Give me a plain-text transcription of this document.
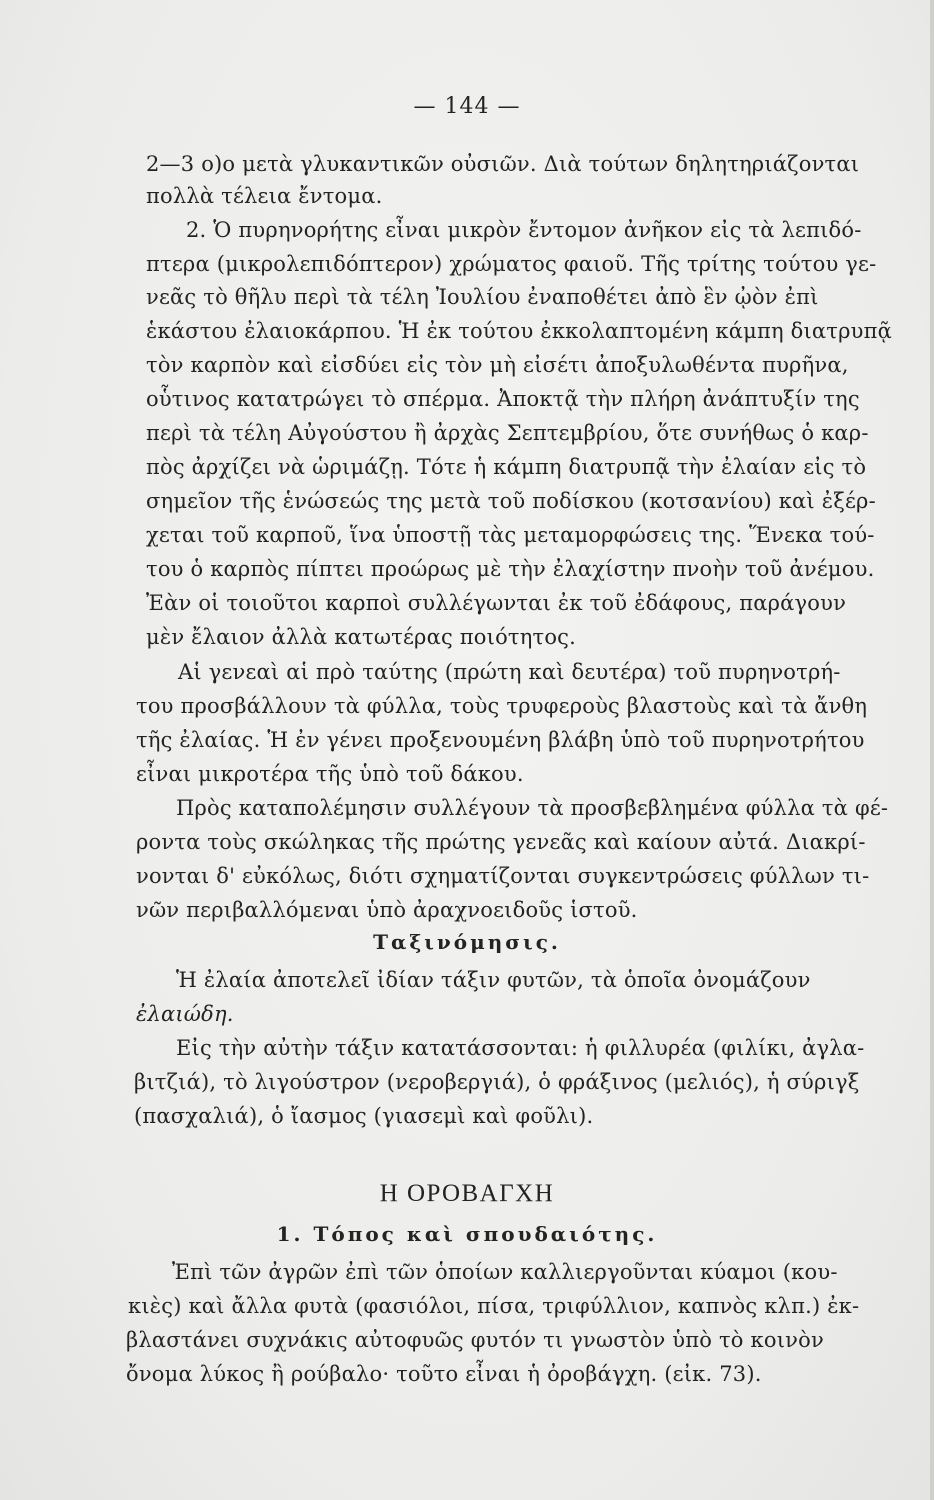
— 144 —
2—3 ο)ο μετὰ γλυκαντικῶν οὐσιῶν. Διὰ τούτων δηλητηριάζονται
πολλὰ τέλεια ἔντομα.
2. Ὁ πυρηνορήτης εἶναι μικρὸν ἔντομον ἀνῆκον εἰς τὰ λεπιδό-
πτερα (μικρολεπιδόπτερον) χρώματος φαιοῦ. Τῆς τρίτης τούτου γε-
νεᾶς τὸ θῆλυ περὶ τὰ τέλη Ἰουλίου ἐναποθέτει ἀπὸ ἓν ᾠὸν ἐπὶ
ἑκάστου ἐλαιοκάρπου. Ἡ ἐκ τούτου ἐκκολαπτομένη κάμπη διατρυπᾷ
τὸν καρπὸν καὶ εἰσδύει εἰς τὸν μὴ εἰσέτι ἀποξυλωθέντα πυρῆνα,
οὗτινος κατατρώγει τὸ σπέρμα. Ἀποκτᾷ τὴν πλήρη ἀνάπτυξίν της
περὶ τὰ τέλη Αὐγούστου ἢ ἀρχὰς Σεπτεμβρίου, ὅτε συνήθως ὁ καρ-
πὸς ἀρχίζει νὰ ὡριμάζῃ. Τότε ἡ κάμπη διατρυπᾷ τὴν ἐλαίαν εἰς τὸ
σημεῖον τῆς ἑνώσεώς της μετὰ τοῦ ποδίσκου (κοτσανίου) καὶ ἐξέρ-
χεται τοῦ καρποῦ, ἵνα ὑποστῇ τὰς μεταμορφώσεις της. Ἕνεκα τού-
του ὁ καρπὸς πίπτει προώρως μὲ τὴν ἐλαχίστην πνοὴν τοῦ ἀνέμου.
Ἐὰν οἱ τοιοῦτοι καρποὶ συλλέγωνται ἐκ τοῦ ἐδάφους, παράγουν
μὲν ἔλαιον ἀλλὰ κατωτέρας ποιότητος.
Αἱ γενεαὶ αἱ πρὸ ταύτης (πρώτη καὶ δευτέρα) τοῦ πυρηνοτρή-
του προσβάλλουν τὰ φύλλα, τοὺς τρυφεροὺς βλαστοὺς καὶ τὰ ἄνθη
τῆς ἐλαίας. Ἡ ἐν γένει προξενουμένη βλάβη ὑπὸ τοῦ πυρηνοτρήτου
εἶναι μικροτέρα τῆς ὑπὸ τοῦ δάκου.
Πρὸς καταπολέμησιν συλλέγουν τὰ προσβεβλημένα φύλλα τὰ φέ-
ροντα τοὺς σκώληκας τῆς πρώτης γενεᾶς καὶ καίουν αὐτά. Διακρί-
νονται δ' εὐκόλως, διότι σχηματίζονται συγκεντρώσεις φύλλων τι-
νῶν περιβαλλόμεναι ὑπὸ ἀραχνοειδοῦς ἱστοῦ.
Ταξινόμησις.
Ἡ ἐλαία ἀποτελεῖ ἰδίαν τάξιν φυτῶν, τὰ ὁποῖα ὀνομάζουν
ἐλαιώδη.
Εἰς τὴν αὐτὴν τάξιν κατατάσσονται: ἡ φιλλυρέα (φιλίκι, ἀγλα-
βιτζιά), τὸ λιγούστρον (νεροβεργιά), ὁ φράξινος (μελιός), ἡ σύριγξ
(πασχαλιά), ὁ ἴασμος (γιασεμὶ καὶ φοῦλι).
Η ΟΡΟΒΑΓΧΗ
1. Τόπος καὶ σπουδαιότης.
Ἐπὶ τῶν ἀγρῶν ἐπὶ τῶν ὁποίων καλλιεργοῦνται κύαμοι (κου-
κιὲς) καὶ ἄλλα φυτὰ (φασιόλοι, πίσα, τριφύλλιον, καπνὸς κλπ.) ἐκ-
βλαστάνει συχνάκις αὐτοφυῶς φυτόν τι γνωστὸν ὑπὸ τὸ κοινὸν
ὄνομα λύκος ἢ ρούβαλο· τοῦτο εἶναι ἡ ὀροβάγχη. (εἰκ. 73).
